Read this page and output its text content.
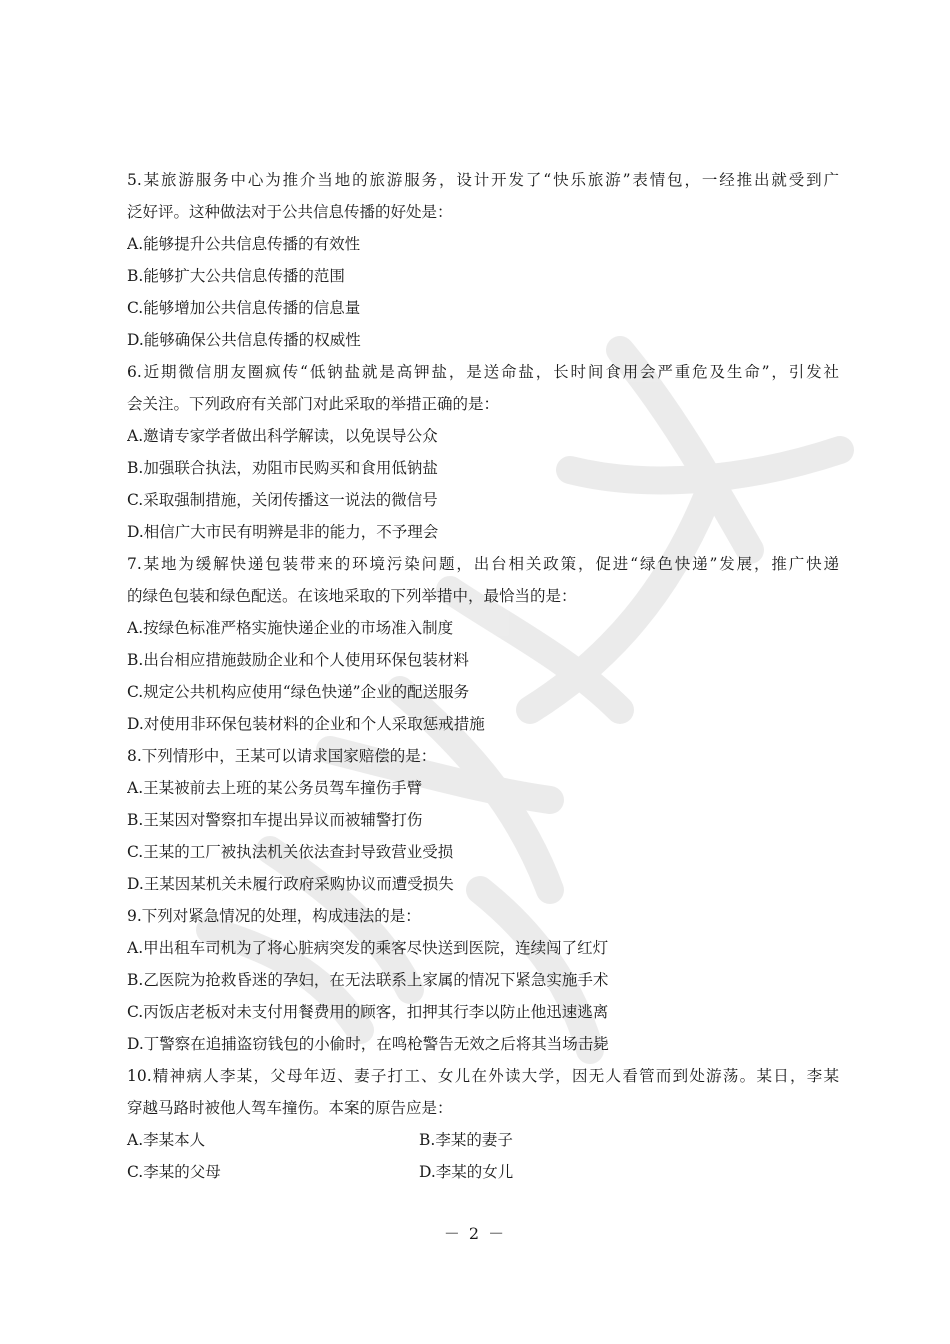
5.某旅游服务中心为推介当地的旅游服务，设计开发了“快乐旅游”表情包，一经推出就受到广
泛好评。这种做法对于公共信息传播的好处是：
A.能够提升公共信息传播的有效性
B.能够扩大公共信息传播的范围
C.能够增加公共信息传播的信息量
D.能够确保公共信息传播的权威性
6.近期微信朋友圈疯传“低钠盐就是高钾盐，是送命盐，长时间食用会严重危及生命”，引发社
会关注。下列政府有关部门对此采取的举措正确的是：
A.邀请专家学者做出科学解读，以免误导公众
B.加强联合执法，劝阻市民购买和食用低钠盐
C.采取强制措施，关闭传播这一说法的微信号
D.相信广大市民有明辨是非的能力，不予理会
7.某地为缓解快递包装带来的环境污染问题，出台相关政策，促进“绿色快递”发展，推广快递
的绿色包装和绿色配送。在该地采取的下列举措中，最恰当的是：
A.按绿色标准严格实施快递企业的市场准入制度
B.出台相应措施鼓励企业和个人使用环保包装材料
C.规定公共机构应使用“绿色快递”企业的配送服务
D.对使用非环保包装材料的企业和个人采取惩戒措施
8.下列情形中，王某可以请求国家赔偿的是：
A.王某被前去上班的某公务员驾车撞伤手臂
B.王某因对警察扣车提出异议而被辅警打伤
C.王某的工厂被执法机关依法查封导致营业受损
D.王某因某机关未履行政府采购协议而遭受损失
9.下列对紧急情况的处理，构成违法的是：
A.甲出租车司机为了将心脏病突发的乘客尽快送到医院，连续闯了红灯
B.乙医院为抢救昏迷的孕妇，在无法联系上家属的情况下紧急实施手术
C.丙饭店老板对未支付用餐费用的顾客，扣押其行李以防止他迅速逃离
D.丁警察在追捕盗窃钱包的小偷时，在鸣枪警告无效之后将其当场击毙
10.精神病人李某，父母年迈、妻子打工、女儿在外读大学，因无人看管而到处游荡。某日，李某
穿越马路时被他人驾车撞伤。本案的原告应是：
A.李某本人	B.李某的妻子
C.李某的父母	D.李某的女儿
－ 2 －
